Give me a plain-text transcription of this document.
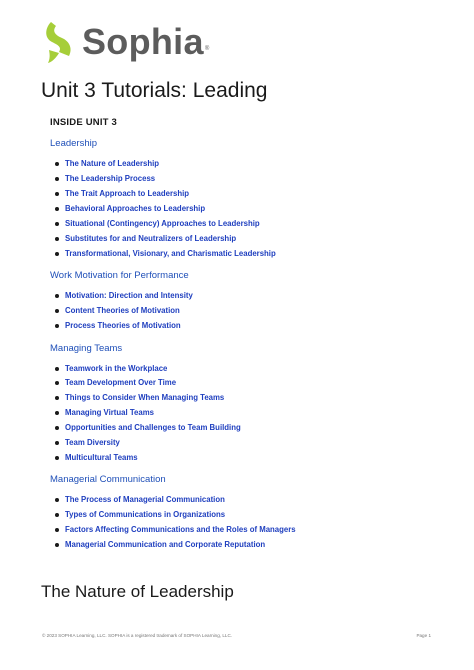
Sophia ®
Unit 3 Tutorials: Leading
INSIDE UNIT 3
Leadership
The Nature of Leadership
The Leadership Process
The Trait Approach to Leadership
Behavioral Approaches to Leadership
Situational (Contingency) Approaches to Leadership
Substitutes for and Neutralizers of Leadership
Transformational, Visionary, and Charismatic Leadership
Work Motivation for Performance
Motivation: Direction and Intensity
Content Theories of Motivation
Process Theories of Motivation
Managing Teams
Teamwork in the Workplace
Team Development Over Time
Things to Consider When Managing Teams
Managing Virtual Teams
Opportunities and Challenges to Team Building
Team Diversity
Multicultural Teams
Managerial Communication
The Process of Managerial Communication
Types of Communications in Organizations
Factors Affecting Communications and the Roles of Managers
Managerial Communication and Corporate Reputation
The Nature of Leadership
© 2023 SOPHIA Learning, LLC. SOPHIA is a registered trademark of SOPHIA Learning, LLC.	Page 1
